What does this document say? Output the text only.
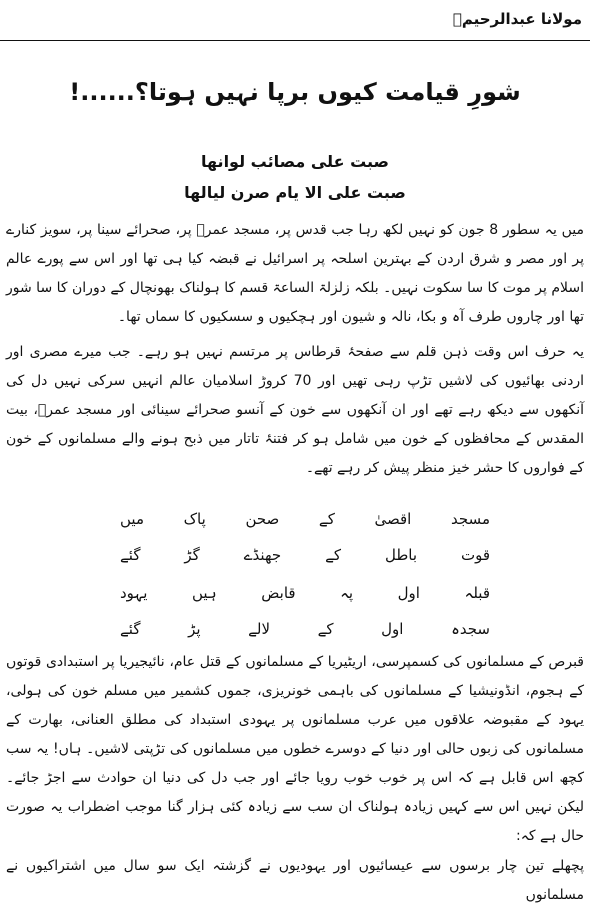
مولانا عبدالرحیمؒ
شورِ قیامت کیوں برپا نہیں ہوتا؟......!
صبت علی مصائب لوانها
صبت علی الا یام صرن لیالها
میں یہ سطور 8 جون کو نہیں لکھ رہا جب قدس پر، مسجد عمرؓ پر، صحرائے سینا پر، سویز کنارے پر اور مصر و شرق اردن کے بہترین اسلحہ پر اسرائیل نے قبضہ کیا ہی تھا اور اس سے پورے عالم اسلام پر موت کا سا سکوت نہیں۔ بلکہ زلزلۃ الساعۃ قسم کا ہولناک بھونچال کے دوران کا سا شور تھا اور چاروں طرف آہ و بکا، نالہ و شیون اور ہچکیوں و سسکیوں کا سماں تھا۔
یہ حرف اس وقت ذہن قلم سے صفحۂ قرطاس پر مرتسم نہیں ہو رہے۔ جب میرے مصری اور اردنی بھائیوں کی لاشیں تڑپ رہی تھیں اور 70 کروڑ اسلامیان عالم انہیں سرکی نہیں دل کی آنکھوں سے دیکھ رہے تھے اور ان آنکھوں سے خون کے آنسو صحرائے سینائی اور مسجد عمرؓ، بیت المقدس کے محافظوں کے خون میں شامل ہو کر فتنۂ تاتار میں ذبح ہونے والے مسلمانوں کے خون کے فواروں کا حشر خیز منظر پیش کر رہے تھے۔
مسجد
اقصیٰ
کے
صحن
پاک
میں
قوت
باطل
کے
جھنڈے
گڑ
گئے
قبلہ
اول
پہ
قابض
ہیں
یہود
سجدہ
اول
کے
لالے
پڑ
گئے
قبرص کے مسلمانوں کی کسمپرسی، اریٹیریا کے مسلمانوں کے قتل عام، نائیجیریا پر استبدادی قوتوں کے ہجوم، انڈونیشیا کے مسلمانوں کی باہمی خونریزی، جموں کشمیر میں مسلم خون کی ہولی، یہود کے مقبوضہ علاقوں میں عرب مسلمانوں پر یہودی استبداد کی مطلق العنانی، بھارت کے مسلمانوں کی زبوں حالی اور دنیا کے دوسرے خطوں میں مسلمانوں کی تڑپتی لاشیں۔ ہاں! یہ سب کچھ اس قابل ہے کہ اس پر خوب خوب رویا جائے اور جب دل کی دنیا ان حوادث سے اجڑ جائے۔ لیکن نہیں اس سے کہیں زیادہ ہولناک ان سب سے زیادہ کئی ہزار گنا موجب اضطراب یہ صورت حال ہے کہ:
پچھلے تین چار برسوں سے عیسائیوں اور یہودیوں نے گزشتہ ایک سو سال میں اشتراکیوں نے مسلمانوں
